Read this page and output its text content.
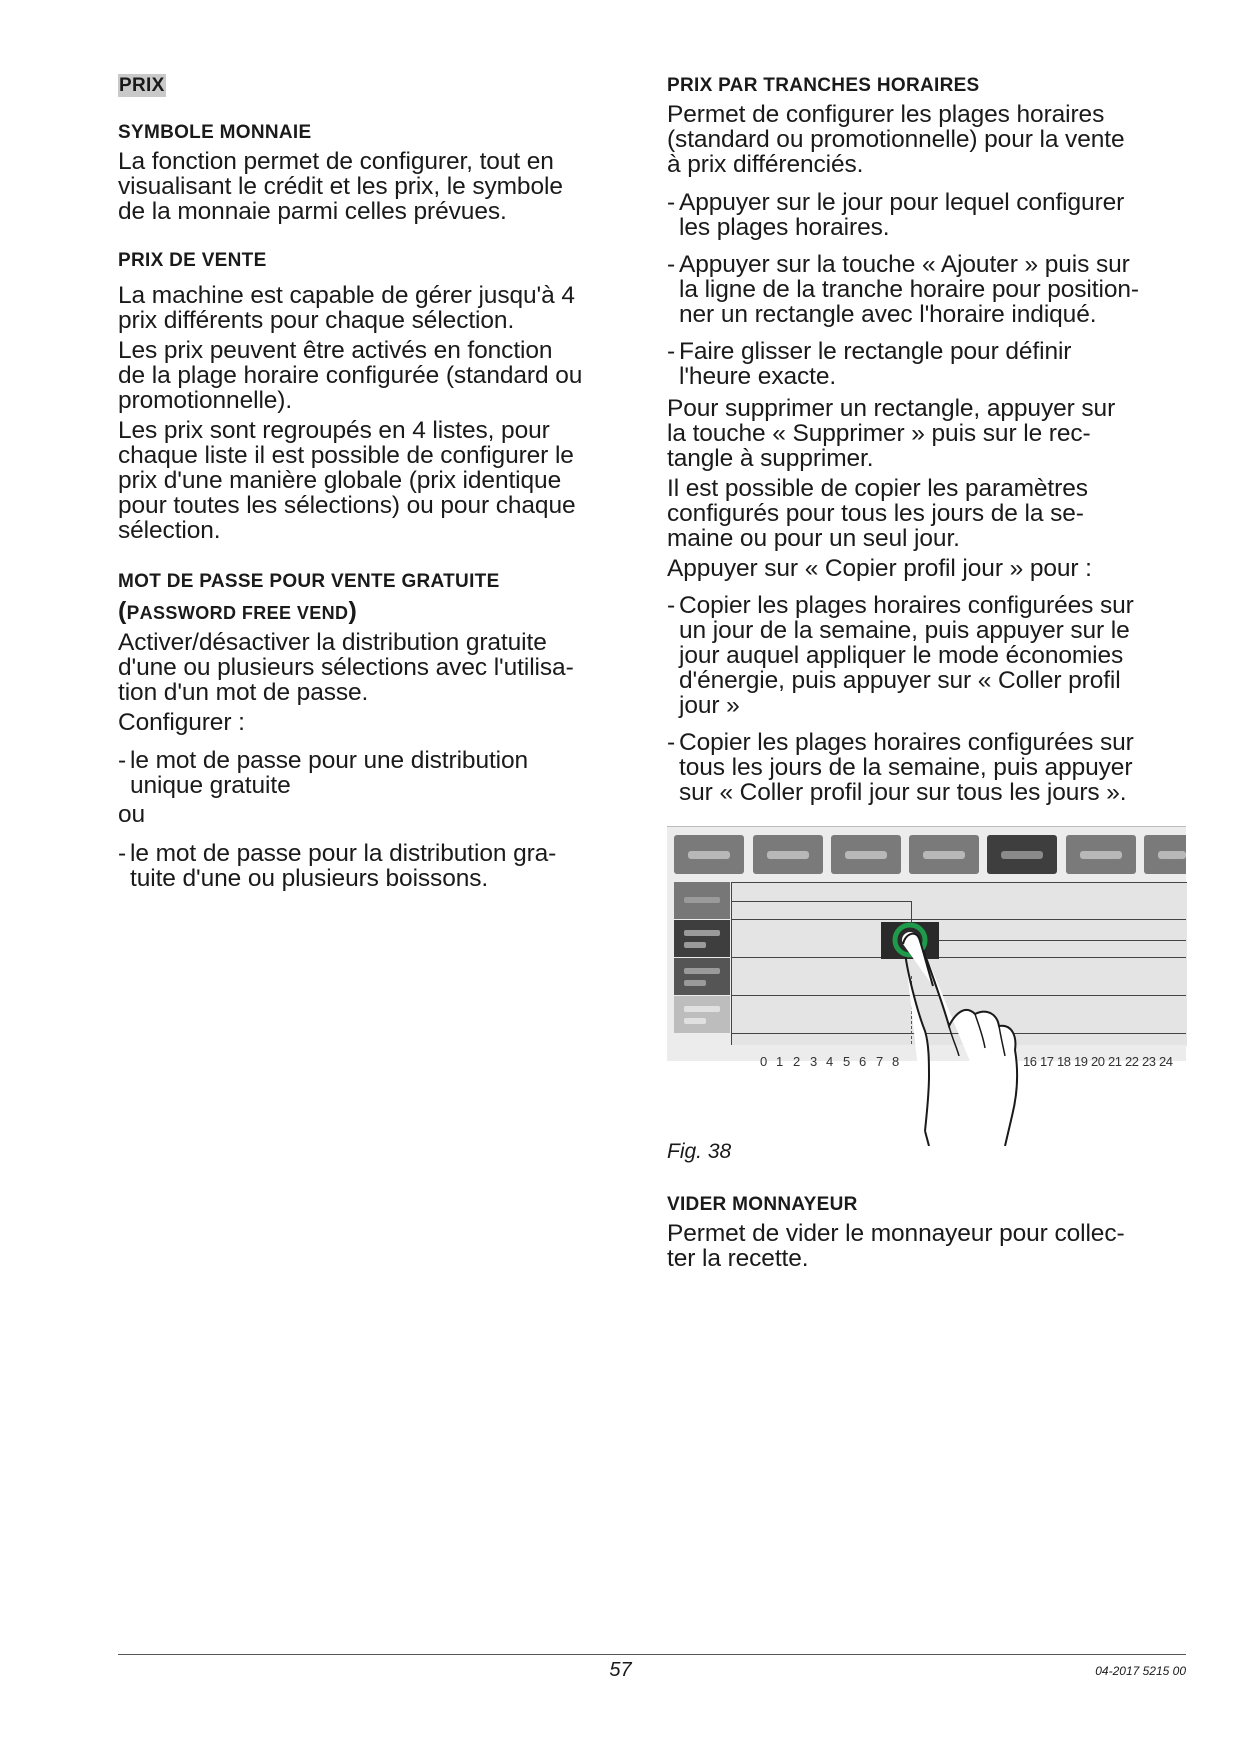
PRIX
SYMBOLE MONNAIE
La fonction permet de configurer, tout en
visualisant le crédit et les prix, le symbole
de la monnaie parmi celles prévues.
PRIX DE VENTE
La machine est capable de gérer jusqu'à 4
prix différents pour chaque sélection.
Les prix peuvent être activés en fonction
de la plage horaire configurée (standard ou
promotionnelle).
Les prix sont regroupés en 4 listes, pour
chaque liste il est possible de configurer le
prix d'une manière globale (prix identique
pour toutes les sélections) ou pour chaque
sélection.
MOT DE PASSE POUR VENTE GRATUITE
(PASSWORD FREE VEND)
Activer/désactiver la distribution gratuite
d'une ou plusieurs sélections avec l'utilisa-
tion d'un mot de passe.
Configurer :
- le mot de passe pour une distribution
unique gratuite
ou
- le mot de passe pour la distribution gra-
tuite d'une ou plusieurs boissons.
PRIX PAR TRANCHES HORAIRES
Permet de configurer les plages horaires
(standard ou promotionnelle) pour la vente
à prix différenciés.
- Appuyer sur le jour pour lequel configurer
les plages horaires.
- Appuyer sur la touche « Ajouter » puis sur
la ligne de la tranche horaire pour position-
ner un rectangle avec l'horaire indiqué.
- Faire glisser le rectangle pour définir
l'heure exacte.
Pour supprimer un rectangle, appuyer sur
la touche « Supprimer » puis sur le rec-
tangle à supprimer.
Il est possible de copier les paramètres
configurés pour tous les jours de la se-
maine ou pour un seul jour.
Appuyer sur « Copier profil jour » pour :
- Copier les plages horaires configurées sur
un jour de la semaine, puis appuyer sur le
jour auquel appliquer le mode économies
d'énergie, puis appuyer sur « Coller profil
jour »
- Copier les plages horaires configurées sur
tous les jours de la semaine, puis appuyer
sur « Coller profil jour sur tous les jours ».
Fig. 38
VIDER MONNAYEUR
Permet de vider le monnayeur pour collec-
ter la recette.
0 1 2 3 4 5 6 7 8	16 17 18 19 20 21 22 23 24
57	04-2017 5215 00
